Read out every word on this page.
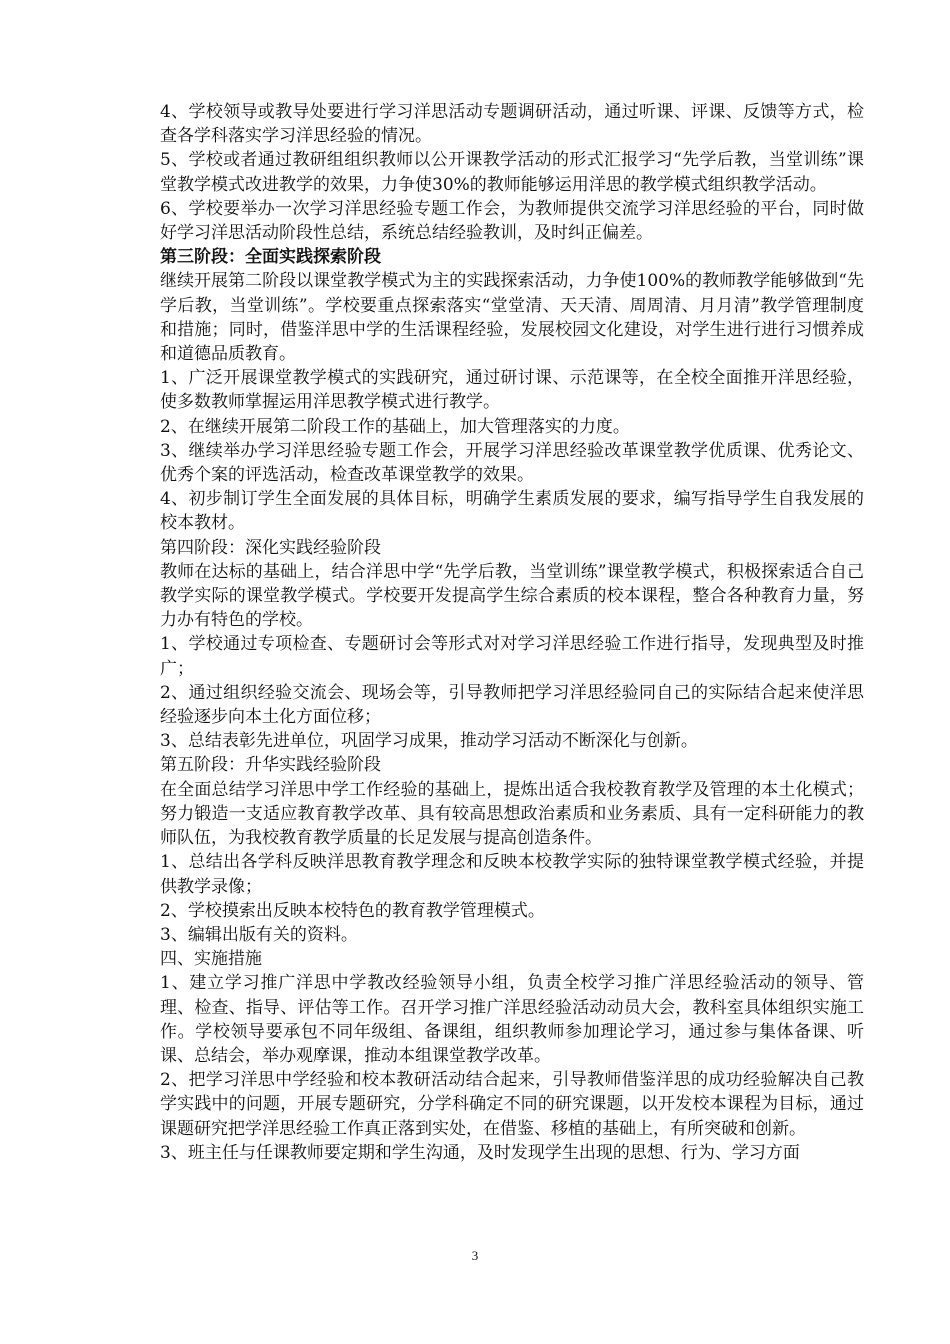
4、学校领导或教导处要进行学习洋思活动专题调研活动，通过听课、评课、反馈等方式，检查各学科落实学习洋思经验的情况。

5、学校或者通过教研组组织教师以公开课教学活动的形式汇报学习“先学后教，当堂训练”课堂教学模式改进教学的效果，力争使30%的教师能够运用洋思的教学模式组织教学活动。

6、学校要举办一次学习洋思经验专题工作会，为教师提供交流学习洋思经验的平台，同时做好学习洋思活动阶段性总结，系统总结经验教训，及时纠正偏差。

第三阶段：全面实践探索阶段

继续开展第二阶段以课堂教学模式为主的实践探索活动，力争使100%的教师教学能够做到“先学后教，当堂训练”。学校要重点探索落实“堂堂清、天天清、周周清、月月清”教学管理制度和措施；同时，借鉴洋思中学的生活课程经验，发展校园文化建设，对学生进行进行习惯养成和道德品质教育。

1、广泛开展课堂教学模式的实践研究，通过研讨课、示范课等，在全校全面推开洋思经验，使多数教师掌握运用洋思教学模式进行教学。

2、在继续开展第二阶段工作的基础上，加大管理落实的力度。

3、继续举办学习洋思经验专题工作会，开展学习洋思经验改革课堂教学优质课、优秀论文、优秀个案的评选活动，检查改革课堂教学的效果。

4、初步制订学生全面发展的具体目标，明确学生素质发展的要求，编写指导学生自我发展的校本教材。

第四阶段：深化实践经验阶段

教师在达标的基础上，结合洋思中学“先学后教，当堂训练”课堂教学模式，积极探索适合自己教学实际的课堂教学模式。学校要开发提高学生综合素质的校本课程，整合各种教育力量，努力办有特色的学校。

1、学校通过专项检查、专题研讨会等形式对对学习洋思经验工作进行指导，发现典型及时推广；

2、通过组织经验交流会、现场会等，引导教师把学习洋思经验同自己的实际结合起来使洋思经验逐步向本土化方面位移；

3、总结表彰先进单位，巩固学习成果，推动学习活动不断深化与创新。

第五阶段：升华实践经验阶段

在全面总结学习洋思中学工作经验的基础上，提炼出适合我校教育教学及管理的本土化模式；努力锻造一支适应教育教学改革、具有较高思想政治素质和业务素质、具有一定科研能力的教师队伍，为我校教育教学质量的长足发展与提高创造条件。

1、总结出各学科反映洋思教育教学理念和反映本校教学实际的独特课堂教学模式经验，并提供教学录像；

2、学校摸索出反映本校特色的教育教学管理模式。

3、编辑出版有关的资料。

四、实施措施

1、建立学习推广洋思中学教改经验领导小组，负责全校学习推广洋思经验活动的领导、管理、检查、指导、评估等工作。召开学习推广洋思经验活动动员大会，教科室具体组织实施工作。学校领导要承包不同年级组、备课组，组织教师参加理论学习，通过参与集体备课、听课、总结会，举办观摩课，推动本组课堂教学改革。

2、把学习洋思中学经验和校本教研活动结合起来，引导教师借鉴洋思的成功经验解决自己教学实践中的问题，开展专题研究，分学科确定不同的研究课题，以开发校本课程为目标，通过课题研究把学洋思经验工作真正落到实处，在借鉴、移植的基础上，有所突破和创新。

3、班主任与任课教师要定期和学生沟通，及时发现学生出现的思想、行为、学习方面

3
